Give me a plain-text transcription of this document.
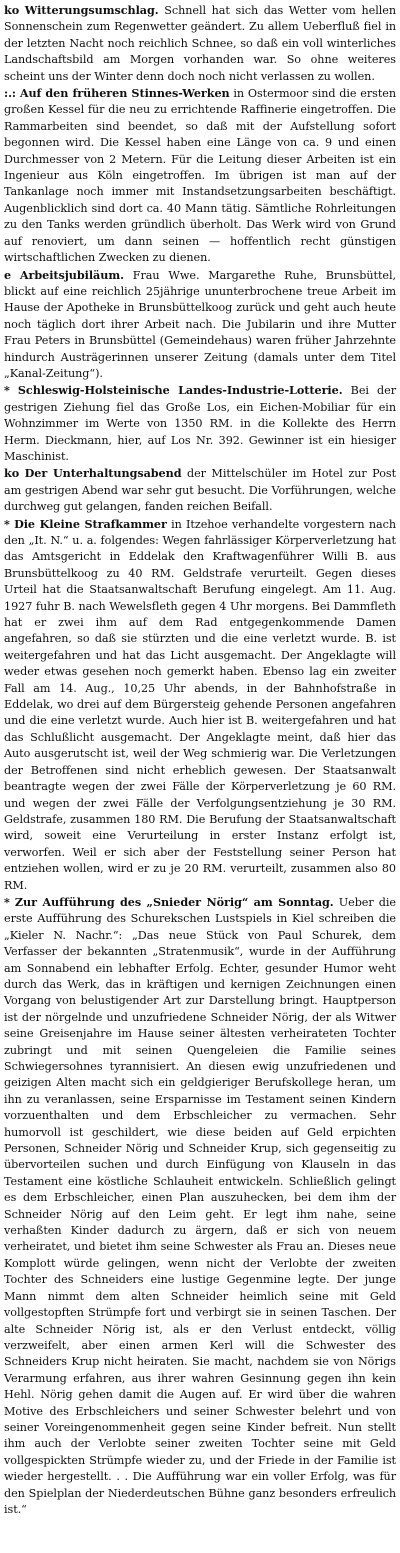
ko Witterungsumschlag. Schnell hat sich das Wetter vom hellen Sonnenschein zum Regenwetter geändert. Zu allem Ueberfluß fiel in der letzten Nacht noch reichlich Schnee, so daß ein voll winterliches Landschaftsbild am Morgen vorhanden war. So ohne weiteres scheint uns der Winter denn doch noch nicht verlassen zu wollen.

:.: Auf den früheren Stinnes-Werken in Ostermoor sind die ersten großen Kessel für die neu zu errichtende Raffinerie eingetroffen. Die Rammarbeiten sind beendet, so daß mit der Aufstellung sofort begonnen wird. Die Kessel haben eine Länge von ca. 9 und einen Durchmesser von 2 Metern. Für die Leitung dieser Arbeiten ist ein Ingenieur aus Köln eingetroffen. Im übrigen ist man auf der Tankanlage noch immer mit Instandsetzungsarbeiten beschäftigt. Augenblicklich sind dort ca. 40 Mann tätig. Sämtliche Rohrleitungen zu den Tanks werden gründlich überholt. Das Werk wird von Grund auf renoviert, um dann seinen — hoffentlich recht günstigen wirtschaftlichen Zwecken zu dienen.

e Arbeitsjubiläum. Frau Wwe. Margarethe Ruhe, Brunsbüttel, blickt auf eine reichlich 25jährige ununterbrochene treue Arbeit im Hause der Apotheke in Brunsbüttelkoog zurück und geht auch heute noch täglich dort ihrer Arbeit nach. Die Jubilarin und ihre Mutter Frau Peters in Brunsbüttel (Gemeindehaus) waren früher Jahrzehnte hindurch Austrägerinnen unserer Zeitung (damals unter dem Titel „Kanal-Zeitung“).

* Schleswig-Holsteinische Landes-Industrie-Lotterie. Bei der gestrigen Ziehung fiel das Große Los, ein Eichen-Mobiliar für ein Wohnzimmer im Werte von 1350 RM. in die Kollekte des Herrn Herm. Dieckmann, hier, auf Los Nr. 392. Gewinner ist ein hiesiger Maschinist.

ko Der Unterhaltungsabend der Mittelschüler im Hotel zur Post am gestrigen Abend war sehr gut besucht. Die Vorführungen, welche durchweg gut gelangen, fanden reichen Beifall.

* Die Kleine Strafkammer in Itzehoe verhandelte vorgestern nach den „It. N.“ u. a. folgendes: Wegen fahrlässiger Körperverletzung hat das Amtsgericht in Eddelak den Kraftwagenführer Willi B. aus Brunsbüttelkoog zu 40 RM. Geldstrafe verurteilt. Gegen dieses Urteil hat die Staatsanwaltschaft Berufung eingelegt. Am 11. Aug. 1927 fuhr B. nach Wewelsfleth gegen 4 Uhr morgens. Bei Dammfleth hat er zwei ihm auf dem Rad entgegenkommende Damen angefahren, so daß sie stürzten und die eine verletzt wurde. B. ist weitergefahren und hat das Licht ausgemacht. Der Angeklagte will weder etwas gesehen noch gemerkt haben. Ebenso lag ein zweiter Fall am 14. Aug., 10,25 Uhr abends, in der Bahnhofstraße in Eddelak, wo drei auf dem Bürgersteig gehende Personen angefahren und die eine verletzt wurde. Auch hier ist B. weitergefahren und hat das Schlußlicht ausgemacht. Der Angeklagte meint, daß hier das Auto ausgerutscht ist, weil der Weg schmierig war. Die Verletzungen der Betroffenen sind nicht erheblich gewesen. Der Staatsanwalt beantragte wegen der zwei Fälle der Körperverletzung je 60 RM. und wegen der zwei Fälle der Verfolgungsentziehung je 30 RM. Geldstrafe, zusammen 180 RM. Die Berufung der Staatsanwaltschaft wird, soweit eine Verurteilung in erster Instanz erfolgt ist, verworfen. Weil er sich aber der Feststellung seiner Person hat entziehen wollen, wird er zu je 20 RM. verurteilt, zusammen also 80 RM.

* Zur Aufführung des „Snieder Nörig“ am Sonntag. Ueber die erste Aufführung des Schurekschen Lustspiels in Kiel schreiben die „Kieler N. Nachr.“: „Das neue Stück von Paul Schurek, dem Verfasser der bekannten „Stratenmusik“, wurde in der Aufführung am Sonnabend ein lebhafter Erfolg. Echter, gesunder Humor weht durch das Werk, das in kräftigen und kernigen Zeichnungen einen Vorgang von belustigender Art zur Darstellung bringt. Hauptperson ist der nörgelnde und unzufriedene Schneider Nörig, der als Witwer seine Greisenjahre im Hause seiner ältesten verheirateten Tochter zubringt und mit seinen Quengeleien die Familie seines Schwiegersohnes tyrannisiert. An diesen ewig unzufriedenen und geizigen Alten macht sich ein geldgieriger Berufskollege heran, um ihn zu veranlassen, seine Ersparnisse im Testament seinen Kindern vorzuenthalten und dem Erbschleicher zu vermachen. Sehr humorvoll ist geschildert, wie diese beiden auf Geld erpichten Personen, Schneider Nörig und Schneider Krup, sich gegenseitig zu übervorteilen suchen und durch Einfügung von Klauseln in das Testament eine köstliche Schlauheit entwickeln. Schließlich gelingt es dem Erbschleicher, einen Plan auszuhecken, bei dem ihm der Schneider Nörig auf den Leim geht. Er legt ihm nahe, seine verhaßten Kinder dadurch zu ärgern, daß er sich von neuem verheiratet, und bietet ihm seine Schwester als Frau an. Dieses neue Komplott würde gelingen, wenn nicht der Verlobte der zweiten Tochter des Schneiders eine lustige Gegenmine legte. Der junge Mann nimmt dem alten Schneider heimlich seine mit Geld vollgestopften Strümpfe fort und verbirgt sie in seinen Taschen. Der alte Schneider Nörig ist, als er den Verlust entdeckt, völlig verzweifelt, aber einen armen Kerl will die Schwester des Schneiders Krup nicht heiraten. Sie macht, nachdem sie von Nörigs Verarmung erfahren, aus ihrer wahren Gesinnung gegen ihn kein Hehl. Nörig gehen damit die Augen auf. Er wird über die wahren Motive des Erbschleichers und seiner Schwester belehrt und von seiner Voreingenommenheit gegen seine Kinder befreit. Nun stellt ihm auch der Verlobte seiner zweiten Tochter seine mit Geld vollgespickten Strümpfe wieder zu, und der Friede in der Familie ist wieder hergestellt. . . Die Aufführung war ein voller Erfolg, was für den Spielplan der Niederdeutschen Bühne ganz besonders erfreulich ist.“
